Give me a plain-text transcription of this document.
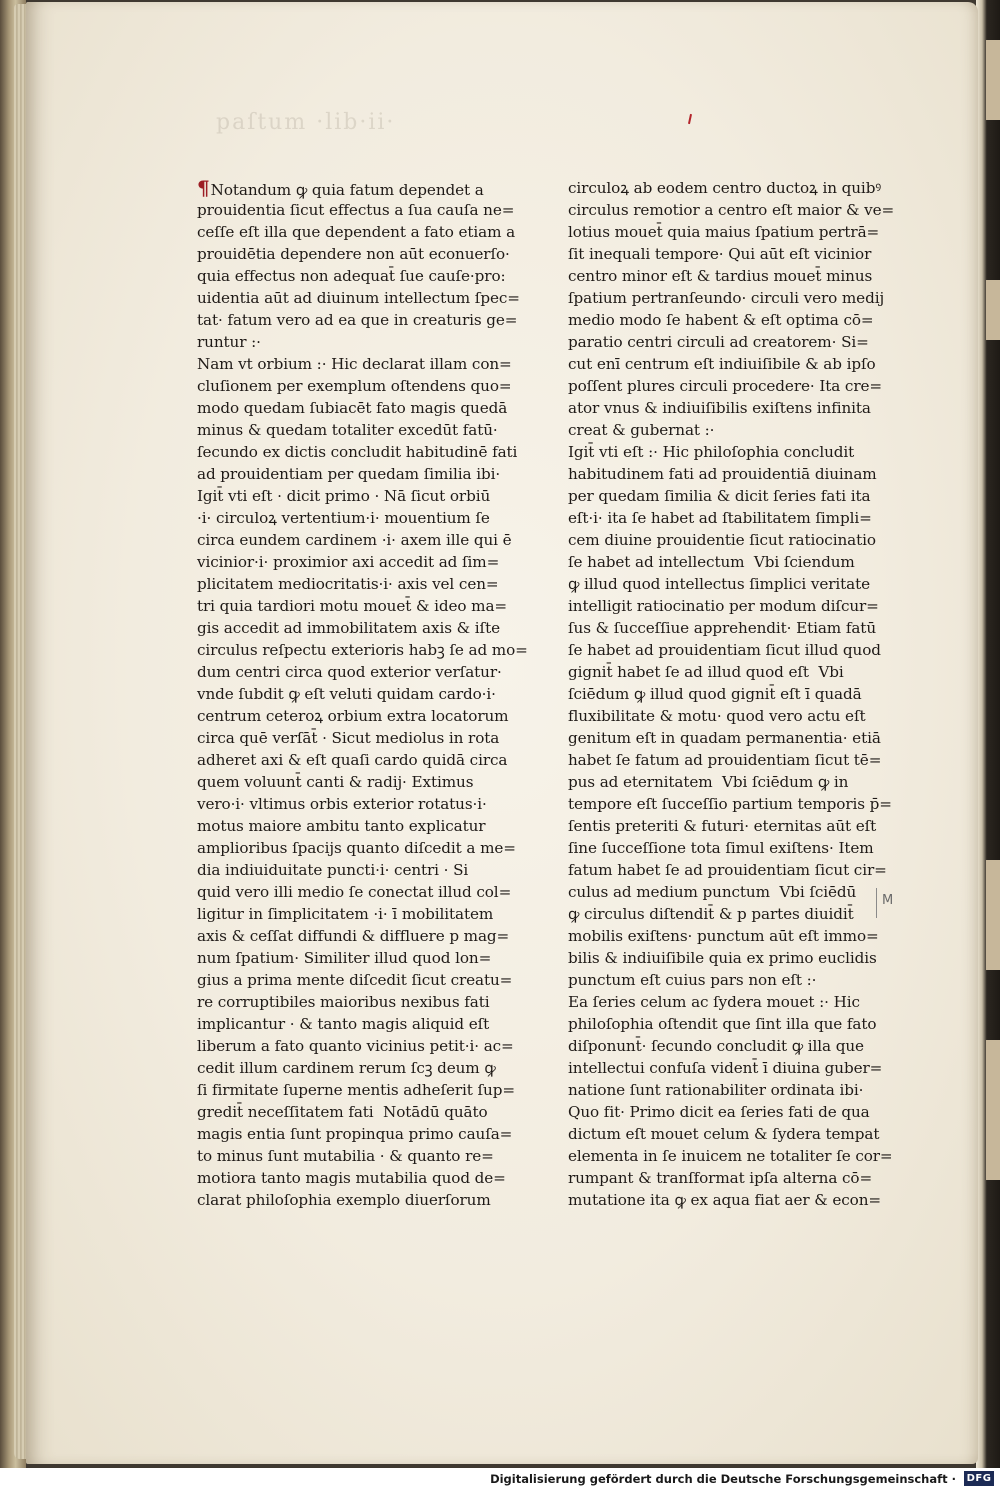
paſtum ·lib·ii·
¶Notandum ꝙ quia fatum dependet a
prouidentia ſicut effectus a ſua cauſa ne=
ceſſe eſt illa que dependent a fato etiam a
prouidētia dependere non aūt econuerſo·
quia effectus non adequat̄ ſue cauſe·pro:
uidentia aūt ad diuinum intellectum ſpec=
tat· fatum vero ad ea que in creaturis ge=
runtur :·
Nam vt orbium :· Hic declarat illam con=
cluſionem per exemplum oſtendens quo=
modo quedam ſubiacēt fato magis quedā
minus & quedam totaliter excedūt fatū·
ſecundo ex dictis concludit habitudinē fati
ad prouidentiam per quedam ſimilia ibi·
Igit̄ vti eſt · dicit primo · Nā ſicut orbiū
·i· circuloꝝ vertentium·i· mouentium ſe
circa eundem cardinem ·i· axem ille qui ē
vicinior·i· proximior axi accedit ad ſim=
plicitatem mediocritatis·i· axis vel cen=
tri quia tardiori motu mouet̄ & ideo ma=
gis accedit ad immobilitatem axis & iſte
circulus reſpectu exterioris habꝫ ſe ad mo=
dum centri circa quod exterior verſatur·
vnde ſubdit ꝙ eſt veluti quidam cardo·i·
centrum ceteroꝝ orbium extra locatorum
circa quē verſāt̄ · Sicut mediolus in rota
adheret axi & eſt quaſi cardo quidā circa
quem voluunt̄ canti & radij· Extimus
vero·i· vltimus orbis exterior rotatus·i·
motus maiore ambitu tanto explicatur
amplioribus ſpacijs quanto diſcedit a me=
dia indiuiduitate puncti·i· centri · Si
quid vero illi medio ſe conectat illud col=
ligitur in ſimplicitatem ·i· ī mobilitatem
axis & ceſſat diffundi & diffluere p mag=
num ſpatium· Similiter illud quod lon=
gius a prima mente diſcedit ſicut creatu=
re corruptibiles maioribus nexibus fati
implicantur · & tanto magis aliquid eſt
liberum a fato quanto vicinius petit·i· ac=
cedit illum cardinem rerum ſcꝫ deum ꝙ
ſi firmitate ſuperne mentis adheſerit ſup=
gredit̄ neceſſitatem fati  Notādū quāto
magis entia ſunt propinqua primo cauſa=
to minus ſunt mutabilia · & quanto re=
motiora tanto magis mutabilia quod de=
clarat philoſophia exemplo diuerſorum
circuloꝝ ab eodem centro ductoꝝ in quibꝰ
circulus remotior a centro eſt maior & ve=
lotius mouet̄ quia maius ſpatium pertrā=
ſit inequali tempore· Qui aūt eſt vicinior
centro minor eſt & tardius mouet̄ minus
ſpatium pertranſeundo· circuli vero medij
medio modo ſe habent & eſt optima cō=
paratio centri circuli ad creatorem· Si=
cut enī centrum eſt indiuiſibile & ab ipſo
poſſent plures circuli procedere· Ita cre=
ator vnus & indiuiſibilis exiſtens infinita
creat & gubernat :·
Igit̄ vti eſt :· Hic philoſophia concludit
habitudinem fati ad prouidentiā diuinam
per quedam ſimilia & dicit ſeries fati ita
eſt·i· ita ſe habet ad ſtabilitatem ſimpli=
cem diuine prouidentie ſicut ratiocinatio
ſe habet ad intellectum  Vbi ſciendum
ꝙ illud quod intellectus ſimplici veritate
intelligit ratiocinatio per modum diſcur=
ſus & ſucceſſiue apprehendit· Etiam fatū
ſe habet ad prouidentiam ſicut illud quod
gignit̄ habet ſe ad illud quod eſt  Vbi
ſciēdum ꝙ illud quod gignit̄ eſt ī quadā
fluxibilitate & motu· quod vero actu eſt
genitum eſt in quadam permanentia· etiā
habet ſe fatum ad prouidentiam ſicut tē=
pus ad eternitatem  Vbi ſciēdum ꝙ in
tempore eſt ſucceſſio partium temporis p̄=
ſentis preteriti & futuri· eternitas aūt eſt
ſine ſucceſſione tota ſimul exiſtens· Item
fatum habet ſe ad prouidentiam ſicut cir=
culus ad medium punctum  Vbi ſciēdū
ꝙ circulus diſtendit̄ & p partes diuidit̄
mobilis exiſtens· punctum aūt eſt immo=
bilis & indiuiſibile quia ex primo euclidis
punctum eſt cuius pars non eſt :·
Ea ſeries celum ac ſydera mouet :· Hic
philoſophia oſtendit que ſint illa que fato
diſponunt̄· ſecundo concludit ꝙ illa que
intellectui confuſa vident̄ ī diuina guber=
natione ſunt rationabiliter ordinata ibi·
Quo fit· Primo dicit ea ſeries fati de qua
dictum eſt mouet celum & ſydera tempat
elementa in ſe inuicem ne totaliter ſe cor=
rumpant & tranſformat ipſa alterna cō=
mutatione ita ꝙ ex aqua fiat aer & econ=
M
Digitalisierung gefördert durch die Deutsche Forschungsgemeinschaft · DFG
